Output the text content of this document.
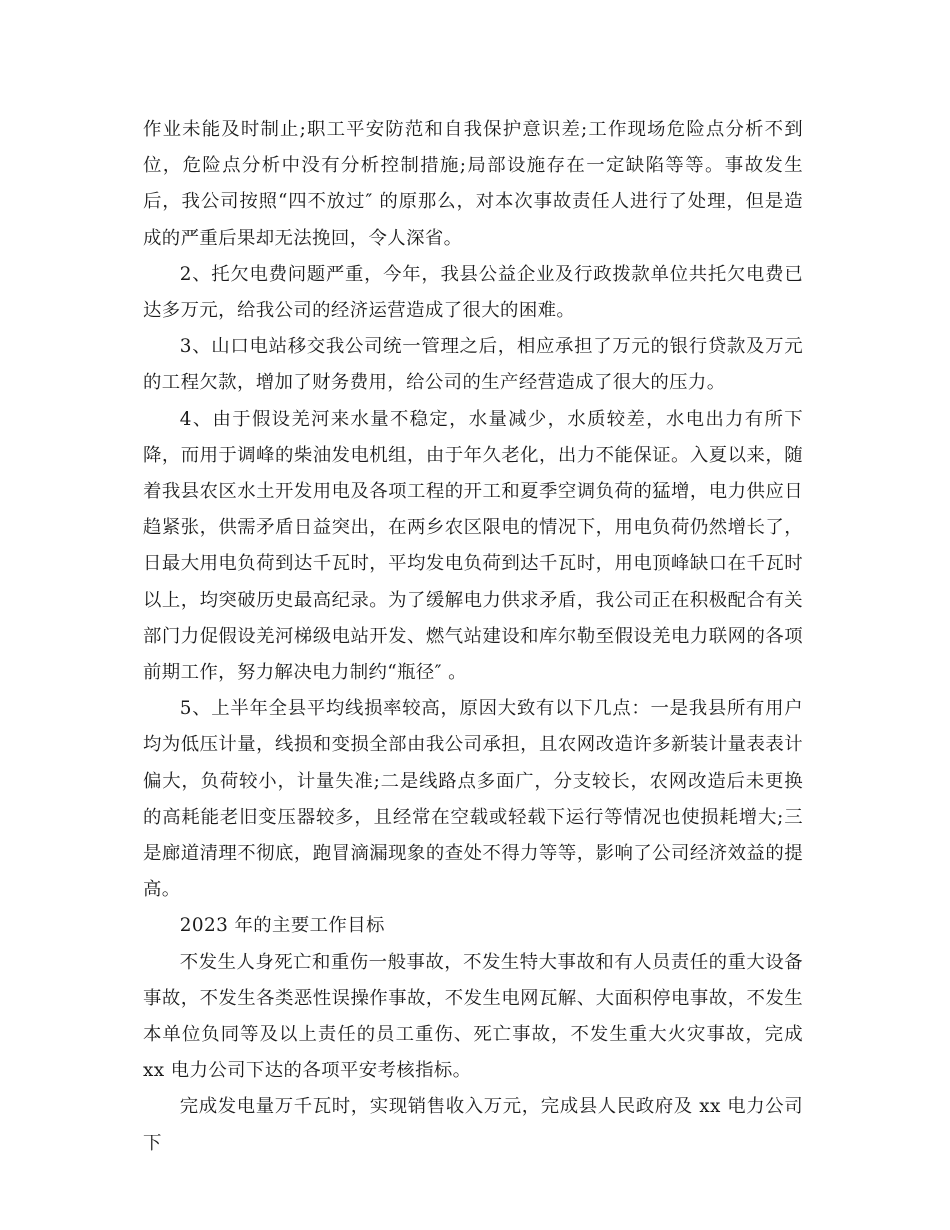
作业未能及时制止;职工平安防范和自我保护意识差;工作现场危险点分析不到位，危险点分析中没有分析控制措施;局部设施存在一定缺陷等等。事故发生后，我公司按照“四不放过″ 的原那么，对本次事故责任人进行了处理，但是造成的严重后果却无法挽回，令人深省。

2、托欠电费问题严重，今年，我县公益企业及行政拨款单位共托欠电费已达多万元，给我公司的经济运营造成了很大的困难。

3、山口电站移交我公司统一管理之后，相应承担了万元的银行贷款及万元的工程欠款，增加了财务费用，给公司的生产经营造成了很大的压力。

4、由于假设羌河来水量不稳定，水量减少，水质较差，水电出力有所下降，而用于调峰的柴油发电机组，由于年久老化，出力不能保证。入夏以来，随着我县农区水土开发用电及各项工程的开工和夏季空调负荷的猛增，电力供应日趋紧张，供需矛盾日益突出，在两乡农区限电的情况下，用电负荷仍然增长了，日最大用电负荷到达千瓦时，平均发电负荷到达千瓦时，用电顶峰缺口在千瓦时以上，均突破历史最高纪录。为了缓解电力供求矛盾，我公司正在积极配合有关部门力促假设羌河梯级电站开发、燃气站建设和库尔勒至假设羌电力联网的各项前期工作，努力解决电力制约“瓶径″ 。

5、上半年全县平均线损率较高，原因大致有以下几点：一是我县所有用户均为低压计量，线损和变损全部由我公司承担，且农网改造许多新装计量表表计偏大，负荷较小，计量失准;二是线路点多面广，分支较长，农网改造后未更换的高耗能老旧变压器较多，且经常在空载或轻载下运行等情况也使损耗增大;三是廊道清理不彻底，跑冒滴漏现象的查处不得力等等，影响了公司经济效益的提高。

2023 年的主要工作目标

不发生人身死亡和重伤一般事故，不发生特大事故和有人员责任的重大设备事故，不发生各类恶性误操作事故，不发生电网瓦解、大面积停电事故，不发生本单位负同等及以上责任的员工重伤、死亡事故，不发生重大火灾事故，完成 xx 电力公司下达的各项平安考核指标。

完成发电量万千瓦时，实现销售收入万元，完成县人民政府及 xx 电力公司下
